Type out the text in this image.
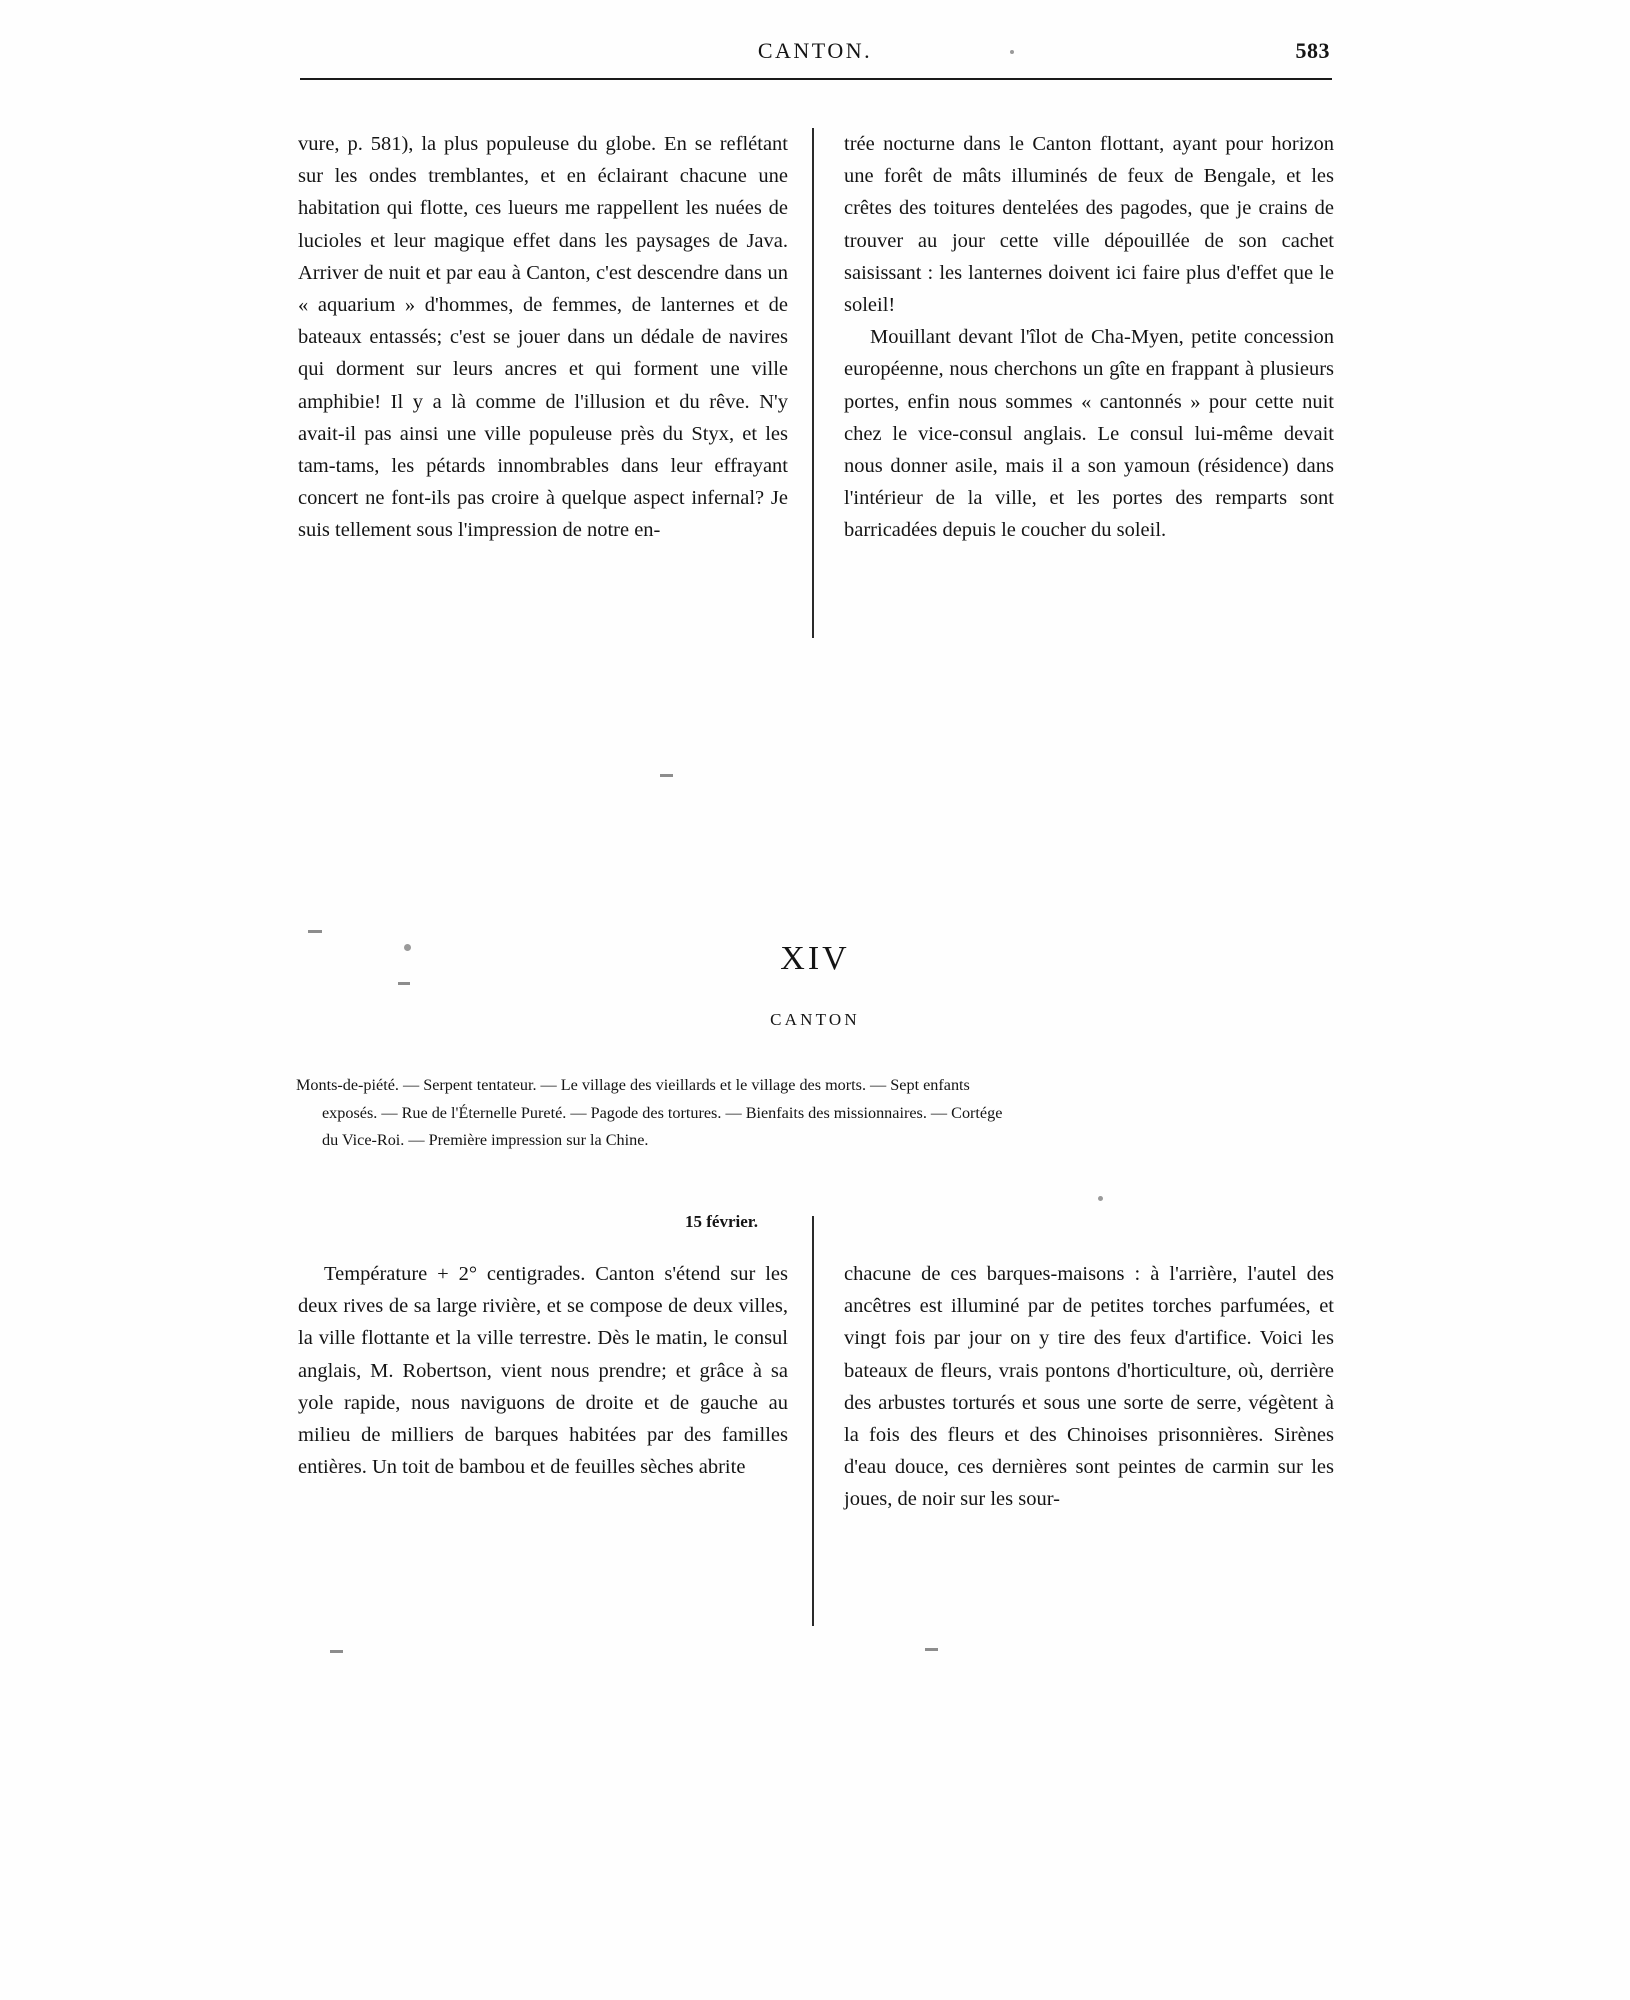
CANTON.	583

vure, p. 581), la plus populeuse du globe. En se reflétant sur les ondes tremblantes, et en éclairant chacune une habitation qui flotte, ces lueurs me rappellent les nuées de lucioles et leur magique effet dans les paysages de Java. Arriver de nuit et par eau à Canton, c'est descendre dans un « aquarium » d'hommes, de femmes, de lanternes et de bateaux entassés; c'est se jouer dans un dédale de navires qui dorment sur leurs ancres et qui forment une ville amphibie! Il y a là comme de l'illusion et du rêve. N'y avait-il pas ainsi une ville populeuse près du Styx, et les tam-tams, les pétards innombrables dans leur effrayant concert ne font-ils pas croire à quelque aspect infernal? Je suis tellement sous l'impression de notre en-

trée nocturne dans le Canton flottant, ayant pour horizon une forêt de mâts illuminés de feux de Bengale, et les crêtes des toitures dentelées des pagodes, que je crains de trouver au jour cette ville dépouillée de son cachet saisissant : les lanternes doivent ici faire plus d'effet que le soleil!

Mouillant devant l'îlot de Cha-Myen, petite concession européenne, nous cherchons un gîte en frappant à plusieurs portes, enfin nous sommes « cantonnés » pour cette nuit chez le vice-consul anglais. Le consul lui-même devait nous donner asile, mais il a son yamoun (résidence) dans l'intérieur de la ville, et les portes des remparts sont barricadées depuis le coucher du soleil.

XIV
CANTON
Monts-de-piété. — Serpent tentateur. — Le village des vieillards et le village des morts. — Sept enfants
exposés. — Rue de l'Éternelle Pureté. — Pagode des tortures. — Bienfaits des missionnaires. — Cortége
du Vice-Roi. — Première impression sur la Chine.
15 février.

Température + 2° centigrades. Canton s'étend sur les deux rives de sa large rivière, et se compose de deux villes, la ville flottante et la ville terrestre. Dès le matin, le consul anglais, M. Robertson, vient nous prendre; et grâce à sa yole rapide, nous naviguons de droite et de gauche au milieu de milliers de barques habitées par des familles entières. Un toit de bambou et de feuilles sèches abrite

chacune de ces barques-maisons : à l'arrière, l'autel des ancêtres est illuminé par de petites torches parfumées, et vingt fois par jour on y tire des feux d'artifice. Voici les bateaux de fleurs, vrais pontons d'horticulture, où, derrière des arbustes torturés et sous une sorte de serre, végètent à la fois des fleurs et des Chinoises prisonnières. Sirènes d'eau douce, ces dernières sont peintes de carmin sur les joues, de noir sur les sour-
